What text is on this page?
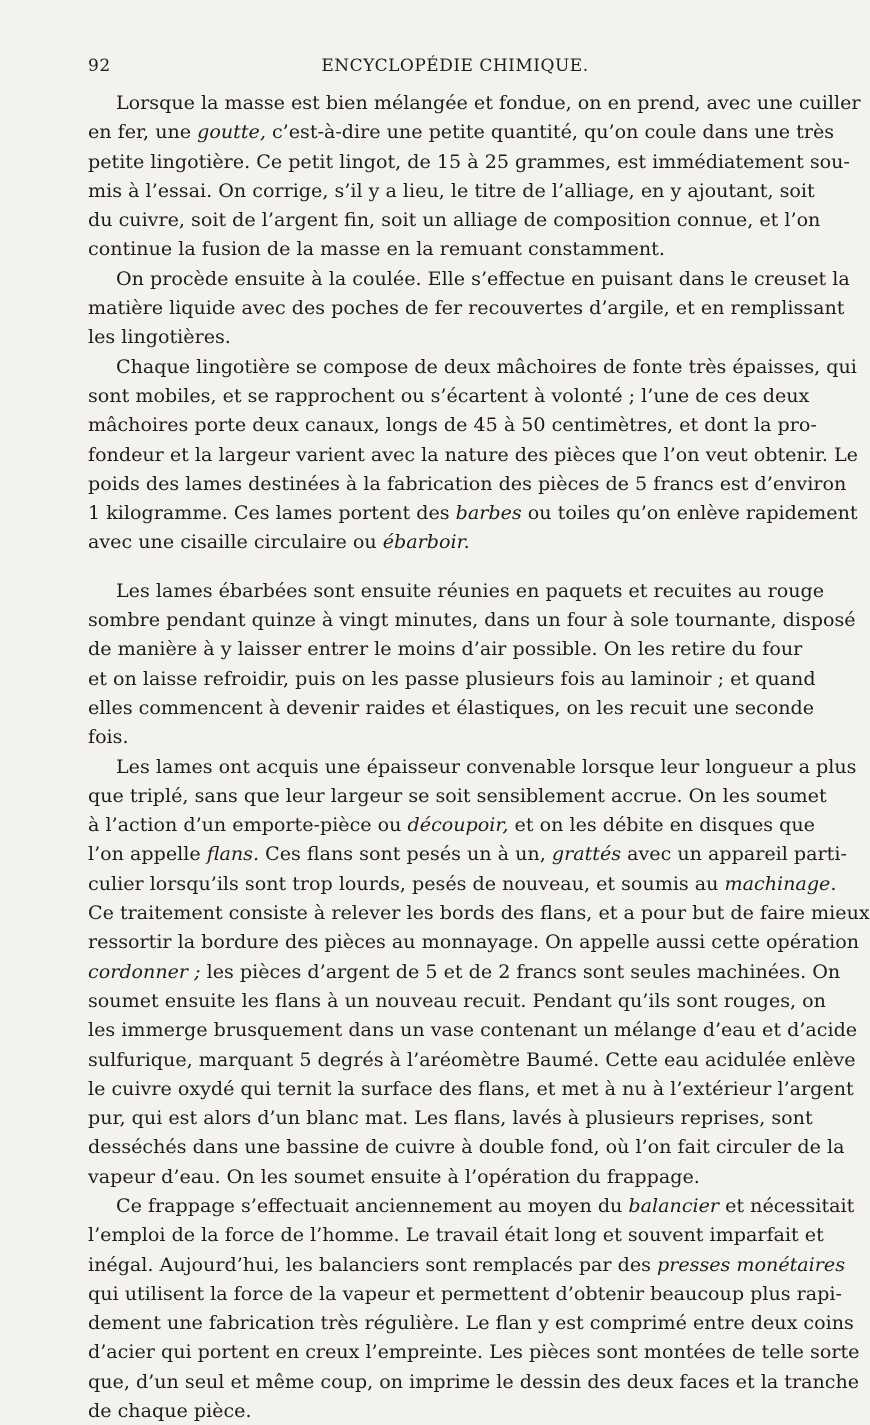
92	ENCYCLOPÉDIE CHIMIQUE.
Lorsque la masse est bien mélangée et fondue, on en prend, avec une cuiller
en fer, une goutte, c’est-à-dire une petite quantité, qu’on coule dans une très
petite lingotière. Ce petit lingot, de 15 à 25 grammes, est immédiatement sou-
mis à l’essai. On corrige, s’il y a lieu, le titre de l’alliage, en y ajoutant, soit
du cuivre, soit de l’argent fin, soit un alliage de composition connue, et l’on
continue la fusion de la masse en la remuant constamment.
On procède ensuite à la coulée. Elle s’effectue en puisant dans le creuset la
matière liquide avec des poches de fer recouvertes d’argile, et en remplissant
les lingotières.
Chaque lingotière se compose de deux mâchoires de fonte très épaisses, qui
sont mobiles, et se rapprochent ou s’écartent à volonté ; l’une de ces deux
mâchoires porte deux canaux, longs de 45 à 50 centimètres, et dont la pro-
fondeur et la largeur varient avec la nature des pièces que l’on veut obtenir. Le
poids des lames destinées à la fabrication des pièces de 5 francs est d’environ
1 kilogramme. Ces lames portent des barbes ou toiles qu’on enlève rapidement
avec une cisaille circulaire ou ébarboir.
Les lames ébarbées sont ensuite réunies en paquets et recuites au rouge
sombre pendant quinze à vingt minutes, dans un four à sole tournante, disposé
de manière à y laisser entrer le moins d’air possible. On les retire du four
et on laisse refroidir, puis on les passe plusieurs fois au laminoir ; et quand
elles commencent à devenir raides et élastiques, on les recuit une seconde
fois.
Les lames ont acquis une épaisseur convenable lorsque leur longueur a plus
que triplé, sans que leur largeur se soit sensiblement accrue. On les soumet
à l’action d’un emporte-pièce ou découpoir, et on les débite en disques que
l’on appelle flans. Ces flans sont pesés un à un, grattés avec un appareil parti-
culier lorsqu’ils sont trop lourds, pesés de nouveau, et soumis au machinage.
Ce traitement consiste à relever les bords des flans, et a pour but de faire mieux
ressortir la bordure des pièces au monnayage. On appelle aussi cette opération
cordonner ; les pièces d’argent de 5 et de 2 francs sont seules machinées. On
soumet ensuite les flans à un nouveau recuit. Pendant qu’ils sont rouges, on
les immerge brusquement dans un vase contenant un mélange d’eau et d’acide
sulfurique, marquant 5 degrés à l’aréomètre Baumé. Cette eau acidulée enlève
le cuivre oxydé qui ternit la surface des flans, et met à nu à l’extérieur l’argent
pur, qui est alors d’un blanc mat. Les flans, lavés à plusieurs reprises, sont
desséchés dans une bassine de cuivre à double fond, où l’on fait circuler de la
vapeur d’eau. On les soumet ensuite à l’opération du frappage.
Ce frappage s’effectuait anciennement au moyen du balancier et nécessitait
l’emploi de la force de l’homme. Le travail était long et souvent imparfait et
inégal. Aujourd’hui, les balanciers sont remplacés par des presses monétaires
qui utilisent la force de la vapeur et permettent d’obtenir beaucoup plus rapi-
dement une fabrication très régulière. Le flan y est comprimé entre deux coins
d’acier qui portent en creux l’empreinte. Les pièces sont montées de telle sorte
que, d’un seul et même coup, on imprime le dessin des deux faces et la tranche
de chaque pièce.
